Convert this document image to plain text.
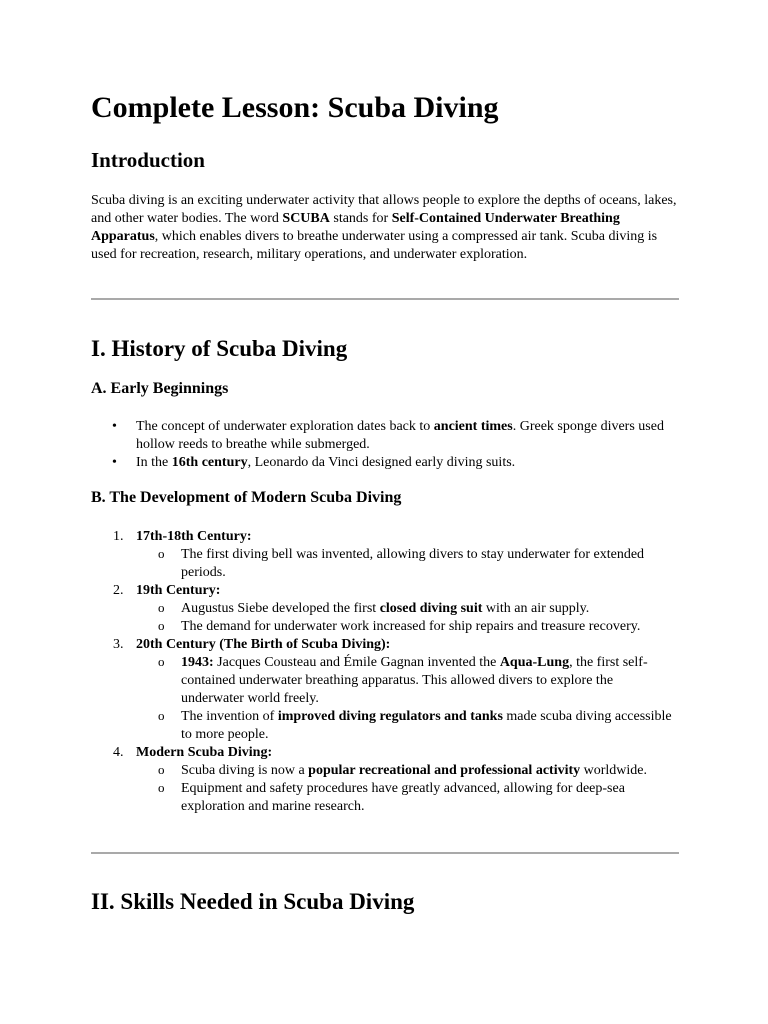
Complete Lesson: Scuba Diving
Introduction

Scuba diving is an exciting underwater activity that allows people to explore the depths of oceans, lakes, and other water bodies. The word SCUBA stands for Self-Contained Underwater Breathing Apparatus, which enables divers to breathe underwater using a compressed air tank. Scuba diving is used for recreation, research, military operations, and underwater exploration.

I. History of Scuba Diving
A. Early Beginnings
• The concept of underwater exploration dates back to ancient times. Greek sponge divers used hollow reeds to breathe while submerged.
• In the 16th century, Leonardo da Vinci designed early diving suits.
B. The Development of Modern Scuba Diving
1. 17th-18th Century:
o The first diving bell was invented, allowing divers to stay underwater for extended periods.
2. 19th Century:
o Augustus Siebe developed the first closed diving suit with an air supply.
o The demand for underwater work increased for ship repairs and treasure recovery.
3. 20th Century (The Birth of Scuba Diving):
o 1943: Jacques Cousteau and Émile Gagnan invented the Aqua-Lung, the first self-contained underwater breathing apparatus. This allowed divers to explore the underwater world freely.
o The invention of improved diving regulators and tanks made scuba diving accessible to more people.
4. Modern Scuba Diving:
o Scuba diving is now a popular recreational and professional activity worldwide.
o Equipment and safety procedures have greatly advanced, allowing for deep-sea exploration and marine research.
II. Skills Needed in Scuba Diving
